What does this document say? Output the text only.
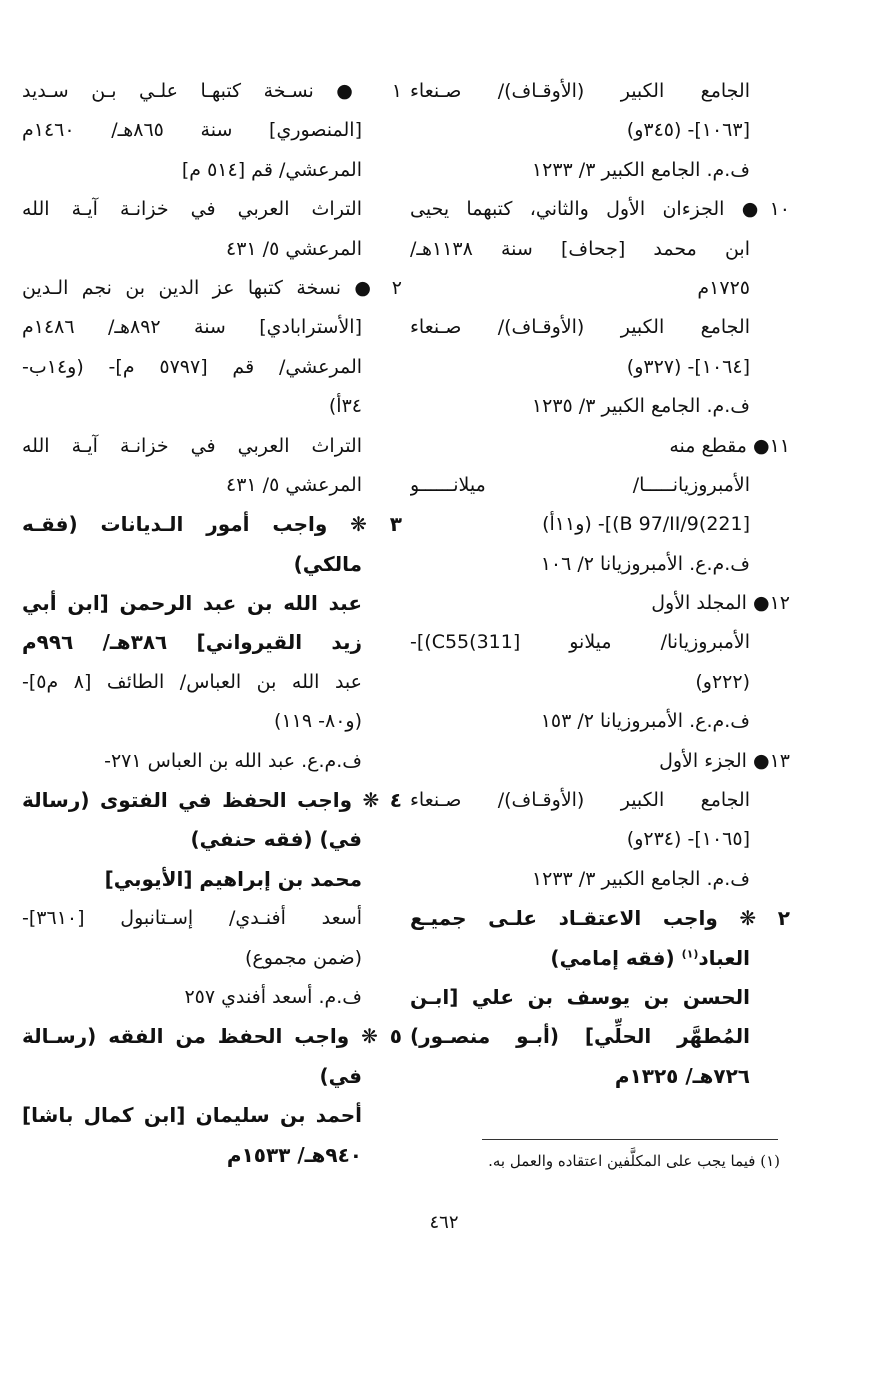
الجامع الكبير (الأوقـاف)/ صـنعاء
[١٠٦٣]- (٣٤٥و)
ف.م. الجامع الكبير ٣/ ١٢٣٣
١٠● الجزءان الأول والثاني، كتبهما يحيى
ابن محمد [جحاف] سنة ١١٣٨هـ/
١٧٢٥م
الجامع الكبير (الأوقـاف)/ صـنعاء
[١٠٦٤]- (٣٢٧و)
ف.م. الجامع الكبير ٣/ ١٢٣٥
١١● مقطع منه
الأمبروزيانـــــا/ ميلانــــــو
[221)B 97/II/9)]- (و١١أ)
ف.م.ع. الأمبروزيانا ٢/ ١٠٦
١٢● المجلد الأول
الأمبروزيانا/ ميلانو [311)C55)]-
(٢٢٢و)
ف.م.ع. الأمبروزيانا ٢/ ١٥٣
١٣● الجزء الأول
الجامع الكبير (الأوقـاف)/ صـنعاء
[١٠٦٥]- (٢٣٤و)
ف.م. الجامع الكبير ٣/ ١٢٣٣
٢ ❋ واجب الاعتقـاد علـى جميـع
العباد$^{(١)}$ (فقه إمامي)
الحسن بن يوسف بن علي [ابـن
المُطهَّر الحلِّي] (أبـو منصـور)
٧٢٦هـ/ ١٣٢٥م
١ ● نسـخة كتبهـا علـي بـن سـديد
[المنصوري] سنة ٨٦٥هـ/ ١٤٦٠م
المرعشي/ قم [٥١٤ م]
التراث العربي في خزانـة آيـة الله
المرعشي ٥/ ٤٣١
٢ ● نسخة كتبها عز الدين بن نجم الـدين
[الأسترابادي] سنة ٨٩٢هـ/ ١٤٨٦م
المرعشي/ قم [٥٧٩٧ م]- (و١٤ب-
٣٤أ)
التراث العربي في خزانـة آيـة الله
المرعشي ٥/ ٤٣١
٣ ❋ واجب أمور الـديانات (فقـه
مالكي)
عبد الله بن عبد الرحمن [ابن أبي
زيد القيرواني] ٣٨٦هـ/ ٩٩٦م
عبد الله بن العباس/ الطائف [٨ م٥]-
(و٨٠- ١١٩)
ف.م.ع. عبد الله بن العباس ٢٧١-
٤ ❋ واجب الحفظ في الفتوى (رسالة
في) (فقه حنفي)
محمد بن إبراهيم [الأيوبي]
أسعد أفنـدي/ إسـتانبول [٣٦١٠]-
(ضمن مجموع)
ف.م. أسعد أفندي ٢٥٧
٥ ❋ واجب الحفظ من الفقه (رسـالة
في)
أحمد بن سليمان [ابن كمال باشا]
٩٤٠هـ/ ١٥٣٣م	(١) فيما يجب على المكلَّفين اعتقاده والعمل به.
٤٦٢
